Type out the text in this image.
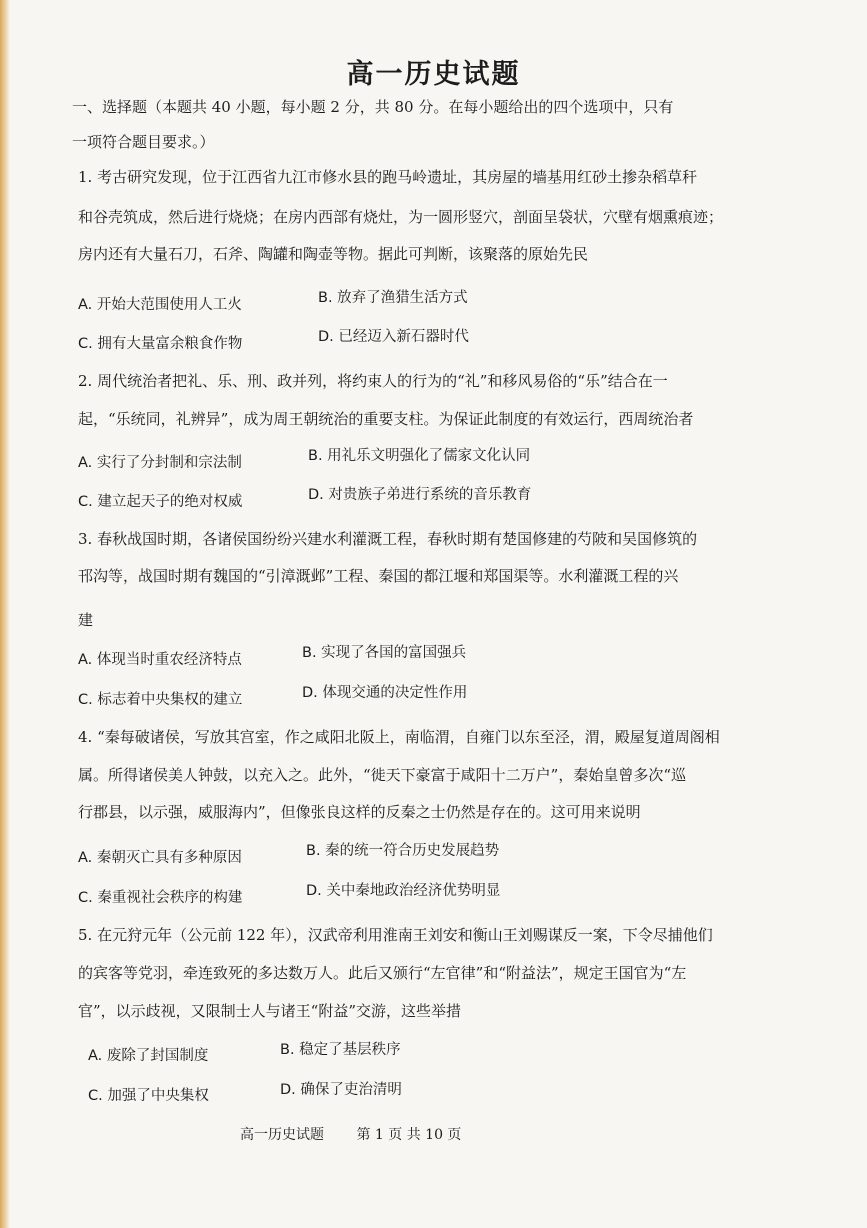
高一历史试题
一、选择题（本题共 40 小题，每小题 2 分，共 80 分。在每小题给出的四个选项中，只有
一项符合题目要求。）
1. 考古研究发现，位于江西省九江市修水县的跑马岭遗址，其房屋的墙基用红砂土掺杂稻草秆
和谷壳筑成，然后进行烧烧；在房内西部有烧灶，为一圆形竖穴，剖面呈袋状，穴壁有烟熏痕迹；
房内还有大量石刀，石斧、陶罐和陶壶等物。据此可判断，该聚落的原始先民
A. 开始大范围使用人工火	B. 放弃了渔猎生活方式
C. 拥有大量富余粮食作物	D. 已经迈入新石器时代
2. 周代统治者把礼、乐、刑、政并列，将约束人的行为的“礼”和移风易俗的“乐”结合在一
起，“乐统同，礼辨异”，成为周王朝统治的重要支柱。为保证此制度的有效运行，西周统治者
A. 实行了分封制和宗法制	B. 用礼乐文明强化了儒家文化认同
C. 建立起天子的绝对权威	D. 对贵族子弟进行系统的音乐教育
3. 春秋战国时期，各诸侯国纷纷兴建水利灌溉工程，春秋时期有楚国修建的芍陂和吴国修筑的
邗沟等，战国时期有魏国的“引漳溉邺”工程、秦国的都江堰和郑国渠等。水利灌溉工程的兴
建
A. 体现当时重农经济特点	B. 实现了各国的富国强兵
C. 标志着中央集权的建立	D. 体现交通的决定性作用
4. “秦每破诸侯，写放其宫室，作之咸阳北阪上，南临渭，自雍门以东至泾，渭，殿屋复道周阁相
属。所得诸侯美人钟鼓，以充入之。此外，“徙天下豪富于咸阳十二万户”，秦始皇曾多次“巡
行郡县，以示强，威服海内”，但像张良这样的反秦之士仍然是存在的。这可用来说明
A. 秦朝灭亡具有多种原因	B. 秦的统一符合历史发展趋势
C. 秦重视社会秩序的构建	D. 关中秦地政治经济优势明显
5. 在元狩元年（公元前 122 年），汉武帝利用淮南王刘安和衡山王刘赐谋反一案，下令尽捕他们
的宾客等党羽，牵连致死的多达数万人。此后又颁行“左官律”和“附益法”，规定王国官为“左
官”，以示歧视，又限制士人与诸王“附益”交游，这些举措
A. 废除了封国制度	B. 稳定了基层秩序
C. 加强了中央集权	D. 确保了吏治清明
高一历史试题 第 1 页 共 10 页
